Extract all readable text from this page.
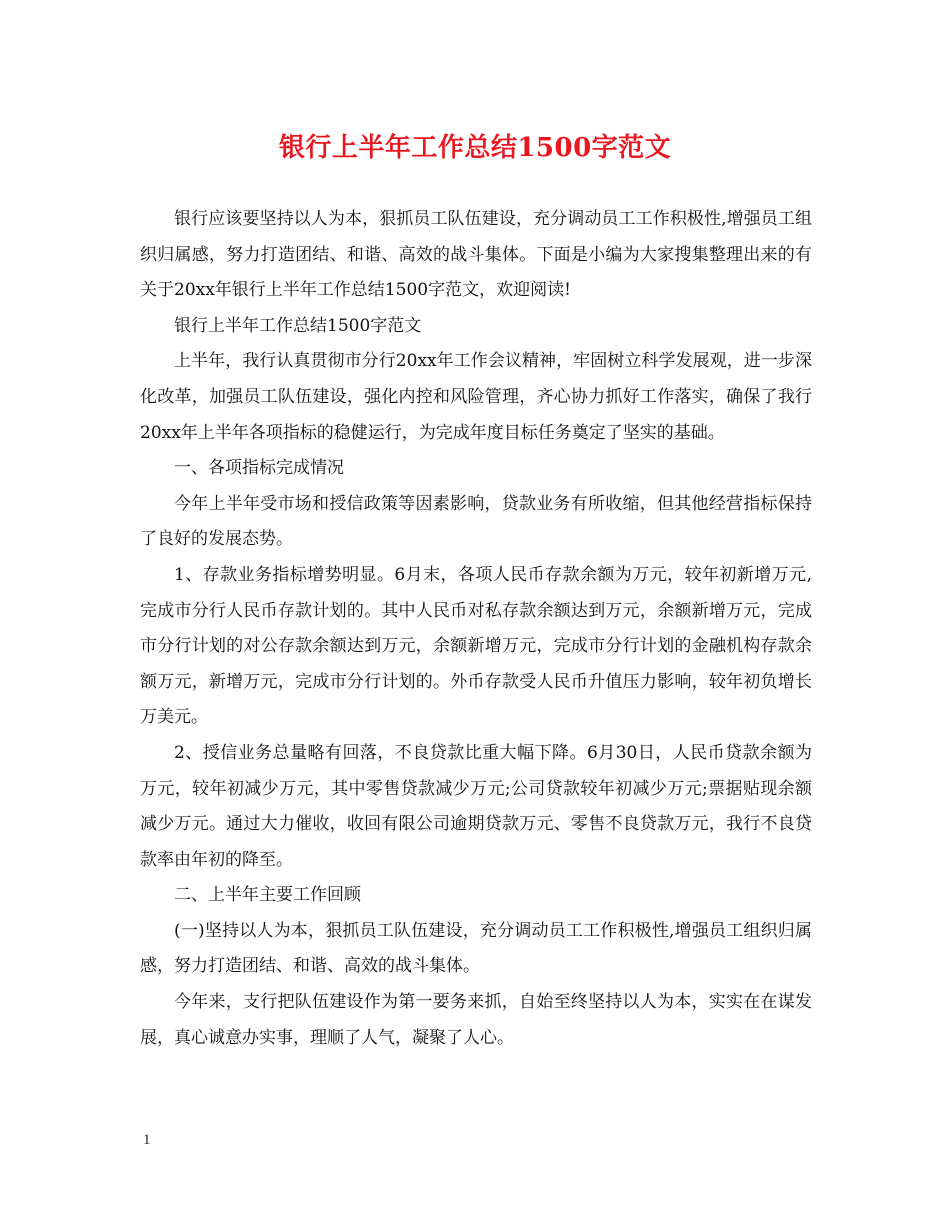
银行上半年工作总结1500字范文

银行应该要坚持以人为本，狠抓员工队伍建设，充分调动员工工作积极性,增强员工组织归属感，努力打造团结、和谐、高效的战斗集体。下面是小编为大家搜集整理出来的有关于20xx年银行上半年工作总结1500字范文，欢迎阅读!

银行上半年工作总结1500字范文

上半年，我行认真贯彻市分行20xx年工作会议精神，牢固树立科学发展观，进一步深化改革，加强员工队伍建设，强化内控和风险管理，齐心协力抓好工作落实，确保了我行20xx年上半年各项指标的稳健运行，为完成年度目标任务奠定了坚实的基础。

一、各项指标完成情况

今年上半年受市场和授信政策等因素影响，贷款业务有所收缩，但其他经营指标保持了良好的发展态势。

1、存款业务指标增势明显。6月末，各项人民币存款余额为万元，较年初新增万元,完成市分行人民币存款计划的。其中人民币对私存款余额达到万元，余额新增万元，完成市分行计划的对公存款余额达到万元，余额新增万元，完成市分行计划的金融机构存款余额万元，新增万元，完成市分行计划的。外币存款受人民币升值压力影响，较年初负增长万美元。

2、授信业务总量略有回落，不良贷款比重大幅下降。6月30日，人民币贷款余额为万元，较年初减少万元，其中零售贷款减少万元;公司贷款较年初减少万元;票据贴现余额减少万元。通过大力催收，收回有限公司逾期贷款万元、零售不良贷款万元，我行不良贷款率由年初的降至。

二、上半年主要工作回顾

(一)坚持以人为本，狠抓员工队伍建设，充分调动员工工作积极性,增强员工组织归属感，努力打造团结、和谐、高效的战斗集体。

今年来，支行把队伍建设作为第一要务来抓，自始至终坚持以人为本，实实在在谋发展，真心诚意办实事，理顺了人气，凝聚了人心。

1
